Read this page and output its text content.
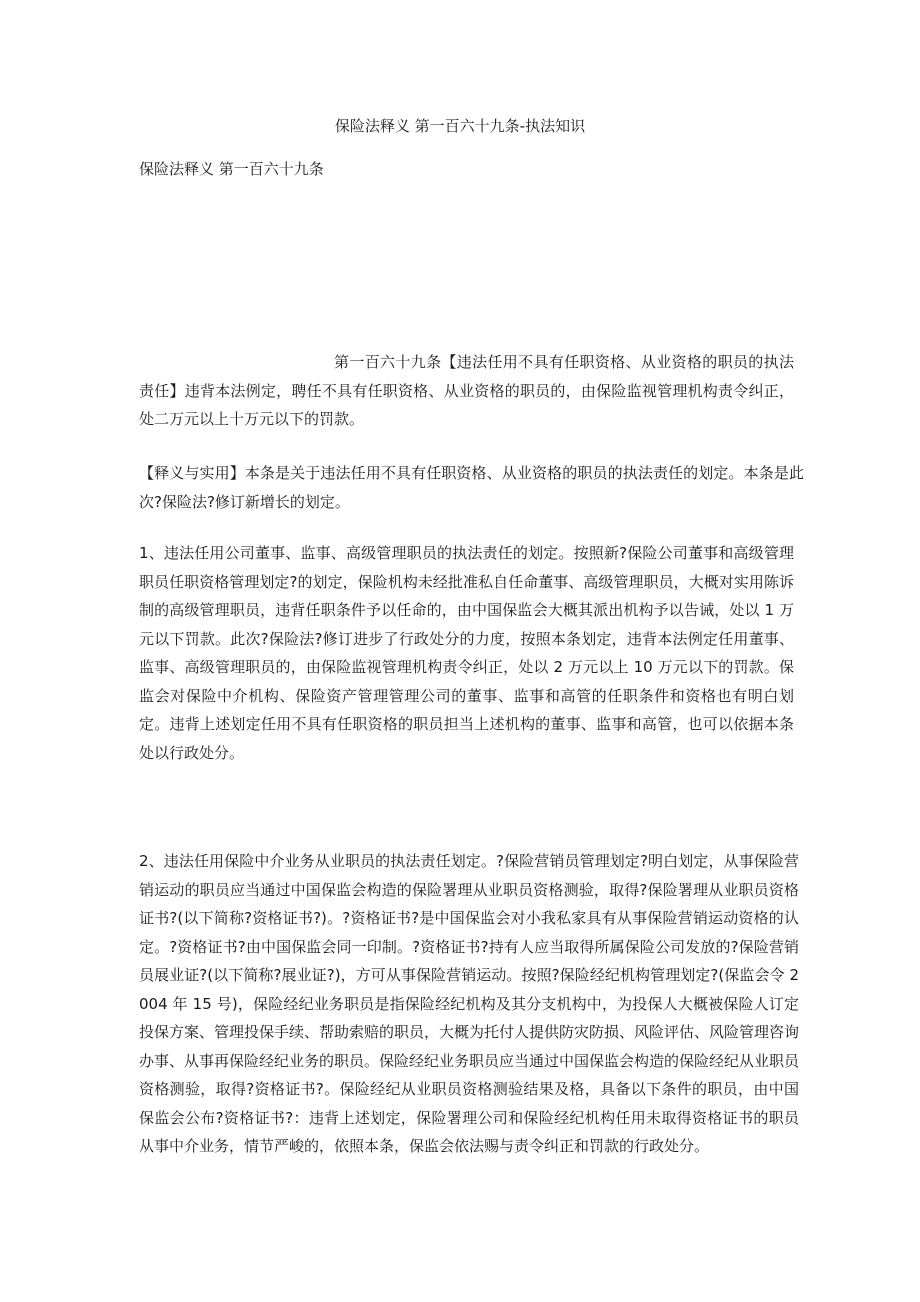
保险法释义 第一百六十九条-执法知识

保险法释义 第一百六十九条

第一百六十九条【违法任用不具有任职资格、从业资格的职员的执法责任】违背本法例定，聘任不具有任职资格、从业资格的职员的，由保险监视管理机构责令纠正，处二万元以上十万元以下的罚款。

【释义与实用】本条是关于违法任用不具有任职资格、从业资格的职员的执法责任的划定。本条是此次?保险法?修订新增长的划定。

1、违法任用公司董事、监事、高级管理职员的执法责任的划定。按照新?保险公司董事和高级管理职员任职资格管理划定?的划定，保险机构未经批准私自任命董事、高级管理职员，大概对实用陈诉制的高级管理职员，违背任职条件予以任命的，由中国保监会大概其派出机构予以告诫，处以 1 万元以下罚款。此次?保险法?修订进步了行政处分的力度，按照本条划定，违背本法例定任用董事、监事、高级管理职员的，由保险监视管理机构责令纠正，处以 2 万元以上 10 万元以下的罚款。保监会对保险中介机构、保险资产管理管理公司的董事、监事和高管的任职条件和资格也有明白划定。违背上述划定任用不具有任职资格的职员担当上述机构的董事、监事和高管，也可以依据本条处以行政处分。

2、违法任用保险中介业务从业职员的执法责任划定。?保险营销员管理划定?明白划定，从事保险营销运动的职员应当通过中国保监会构造的保险署理从业职员资格测验，取得?保险署理从业职员资格证书?(以下简称?资格证书?)。?资格证书?是中国保监会对小我私家具有从事保险营销运动资格的认定。?资格证书?由中国保监会同一印制。?资格证书?持有人应当取得所属保险公司发放的?保险营销员展业证?(以下简称?展业证?)，方可从事保险营销运动。按照?保险经纪机构管理划定?(保监会令 2004 年 15 号)，保险经纪业务职员是指保险经纪机构及其分支机构中，为投保人大概被保险人订定投保方案、管理投保手续、帮助索赔的职员，大概为托付人提供防灾防损、风险评估、风险管理咨询办事、从事再保险经纪业务的职员。保险经纪业务职员应当通过中国保监会构造的保险经纪从业职员资格测验，取得?资格证书?。保险经纪从业职员资格测验结果及格，具备以下条件的职员，由中国保监会公布?资格证书?：违背上述划定，保险署理公司和保险经纪机构任用未取得资格证书的职员从事中介业务，情节严峻的，依照本条，保监会依法赐与责令纠正和罚款的行政处分。
